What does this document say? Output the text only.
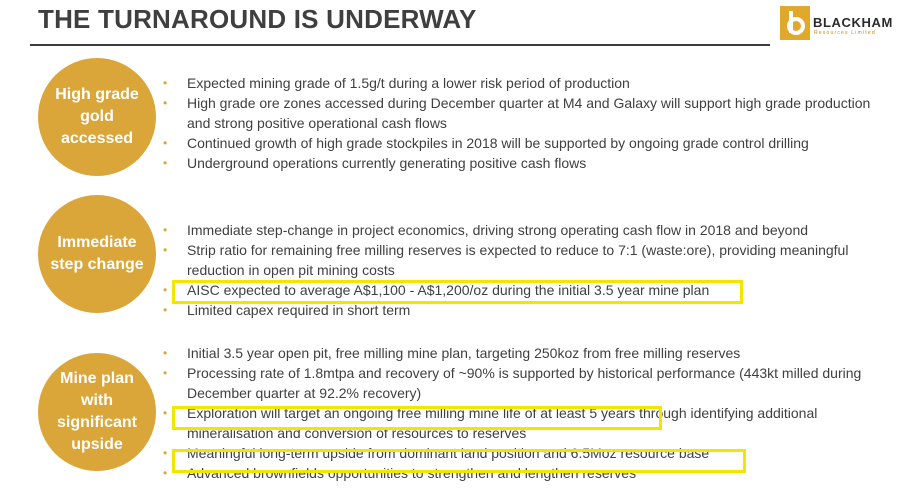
THE TURNAROUND IS UNDERWAY	BLACKHAM
Resources Limited
High grade gold accessed
• Expected mining grade of 1.5g/t during a lower risk period of production
• High grade ore zones accessed during December quarter at M4 and Galaxy will support high grade production and strong positive operational cash flows
• Continued growth of high grade stockpiles in 2018 will be supported by ongoing grade control drilling
• Underground operations currently generating positive cash flows
Immediate step change
• Immediate step-change in project economics, driving strong operating cash flow in 2018 and beyond
• Strip ratio for remaining free milling reserves is expected to reduce to 7:1 (waste:ore), providing meaningful reduction in open pit mining costs
• AISC expected to average A$1,100 - A$1,200/oz during the initial 3.5 year mine plan
• Limited capex required in short term
Mine plan with significant upside
• Initial 3.5 year open pit, free milling mine plan, targeting 250koz from free milling reserves
• Processing rate of 1.8mtpa and recovery of ~90% is supported by historical performance (443kt milled during December quarter at 92.2% recovery)
• Exploration will target an ongoing free milling mine life of at least 5 years through identifying additional mineralisation and conversion of resources to reserves
• Meaningful long-term upside from dominant land position and 6.5Moz resource base
• Advanced brownfields opportunities to strengthen and lengthen reserves
